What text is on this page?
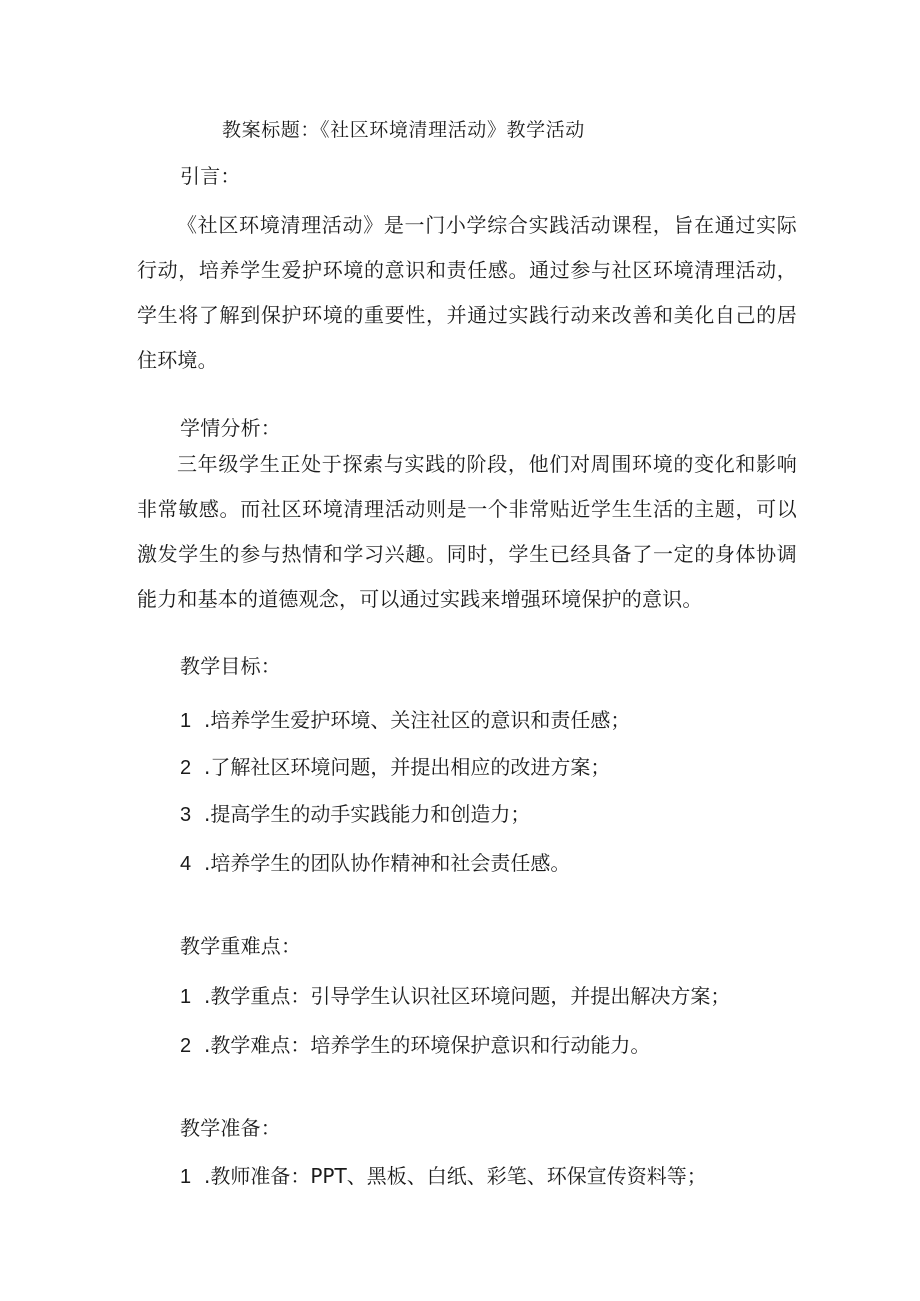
教案标题：《社区环境清理活动》教学活动
引言：

《社区环境清理活动》是一门小学综合实践活动课程，旨在通过实际行动，培养学生爱护环境的意识和责任感。通过参与社区环境清理活动，学生将了解到保护环境的重要性，并通过实践行动来改善和美化自己的居住环境。

学情分析：

三年级学生正处于探索与实践的阶段，他们对周围环境的变化和影响非常敏感。而社区环境清理活动则是一个非常贴近学生生活的主题，可以激发学生的参与热情和学习兴趣。同时，学生已经具备了一定的身体协调能力和基本的道德观念，可以通过实践来增强环境保护的意识。

教学目标：
1 .培养学生爱护环境、关注社区的意识和责任感；
2 .了解社区环境问题，并提出相应的改进方案；
3 .提高学生的动手实践能力和创造力；
4 .培养学生的团队协作精神和社会责任感。
教学重难点：
1 .教学重点：引导学生认识社区环境问题，并提出解决方案；
2 .教学难点：培养学生的环境保护意识和行动能力。
教学准备：
1 .教师准备：PPT、黑板、白纸、彩笔、环保宣传资料等；
